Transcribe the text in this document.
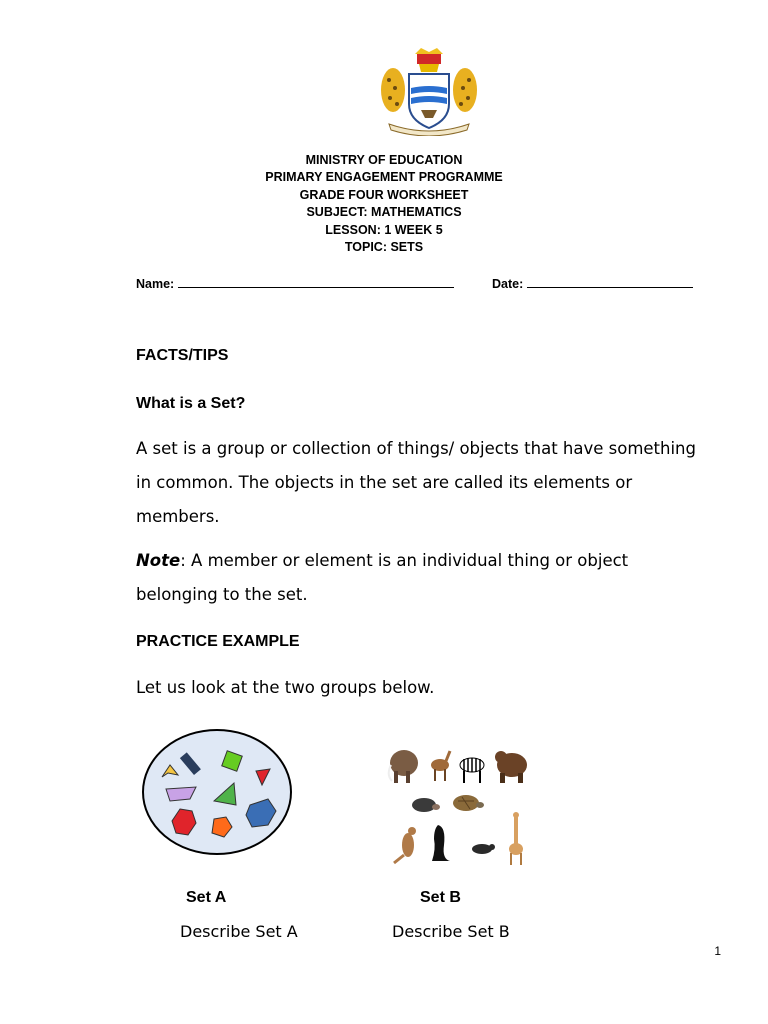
MINISTRY OF EDUCATION
PRIMARY ENGAGEMENT PROGRAMME
GRADE FOUR WORKSHEET
SUBJECT: MATHEMATICS
LESSON: 1 WEEK 5
TOPIC: SETS
Name:	Date:
FACTS/TIPS
What is a Set?
A set is a group or collection of things/ objects that have something
in common. The objects in the set are called its elements or
members.
Note: A member or element is an individual thing or object
belonging to the set.
PRACTICE EXAMPLE
Let us look at the two groups below.
Set A	Set B
Describe Set A	Describe Set B
1
